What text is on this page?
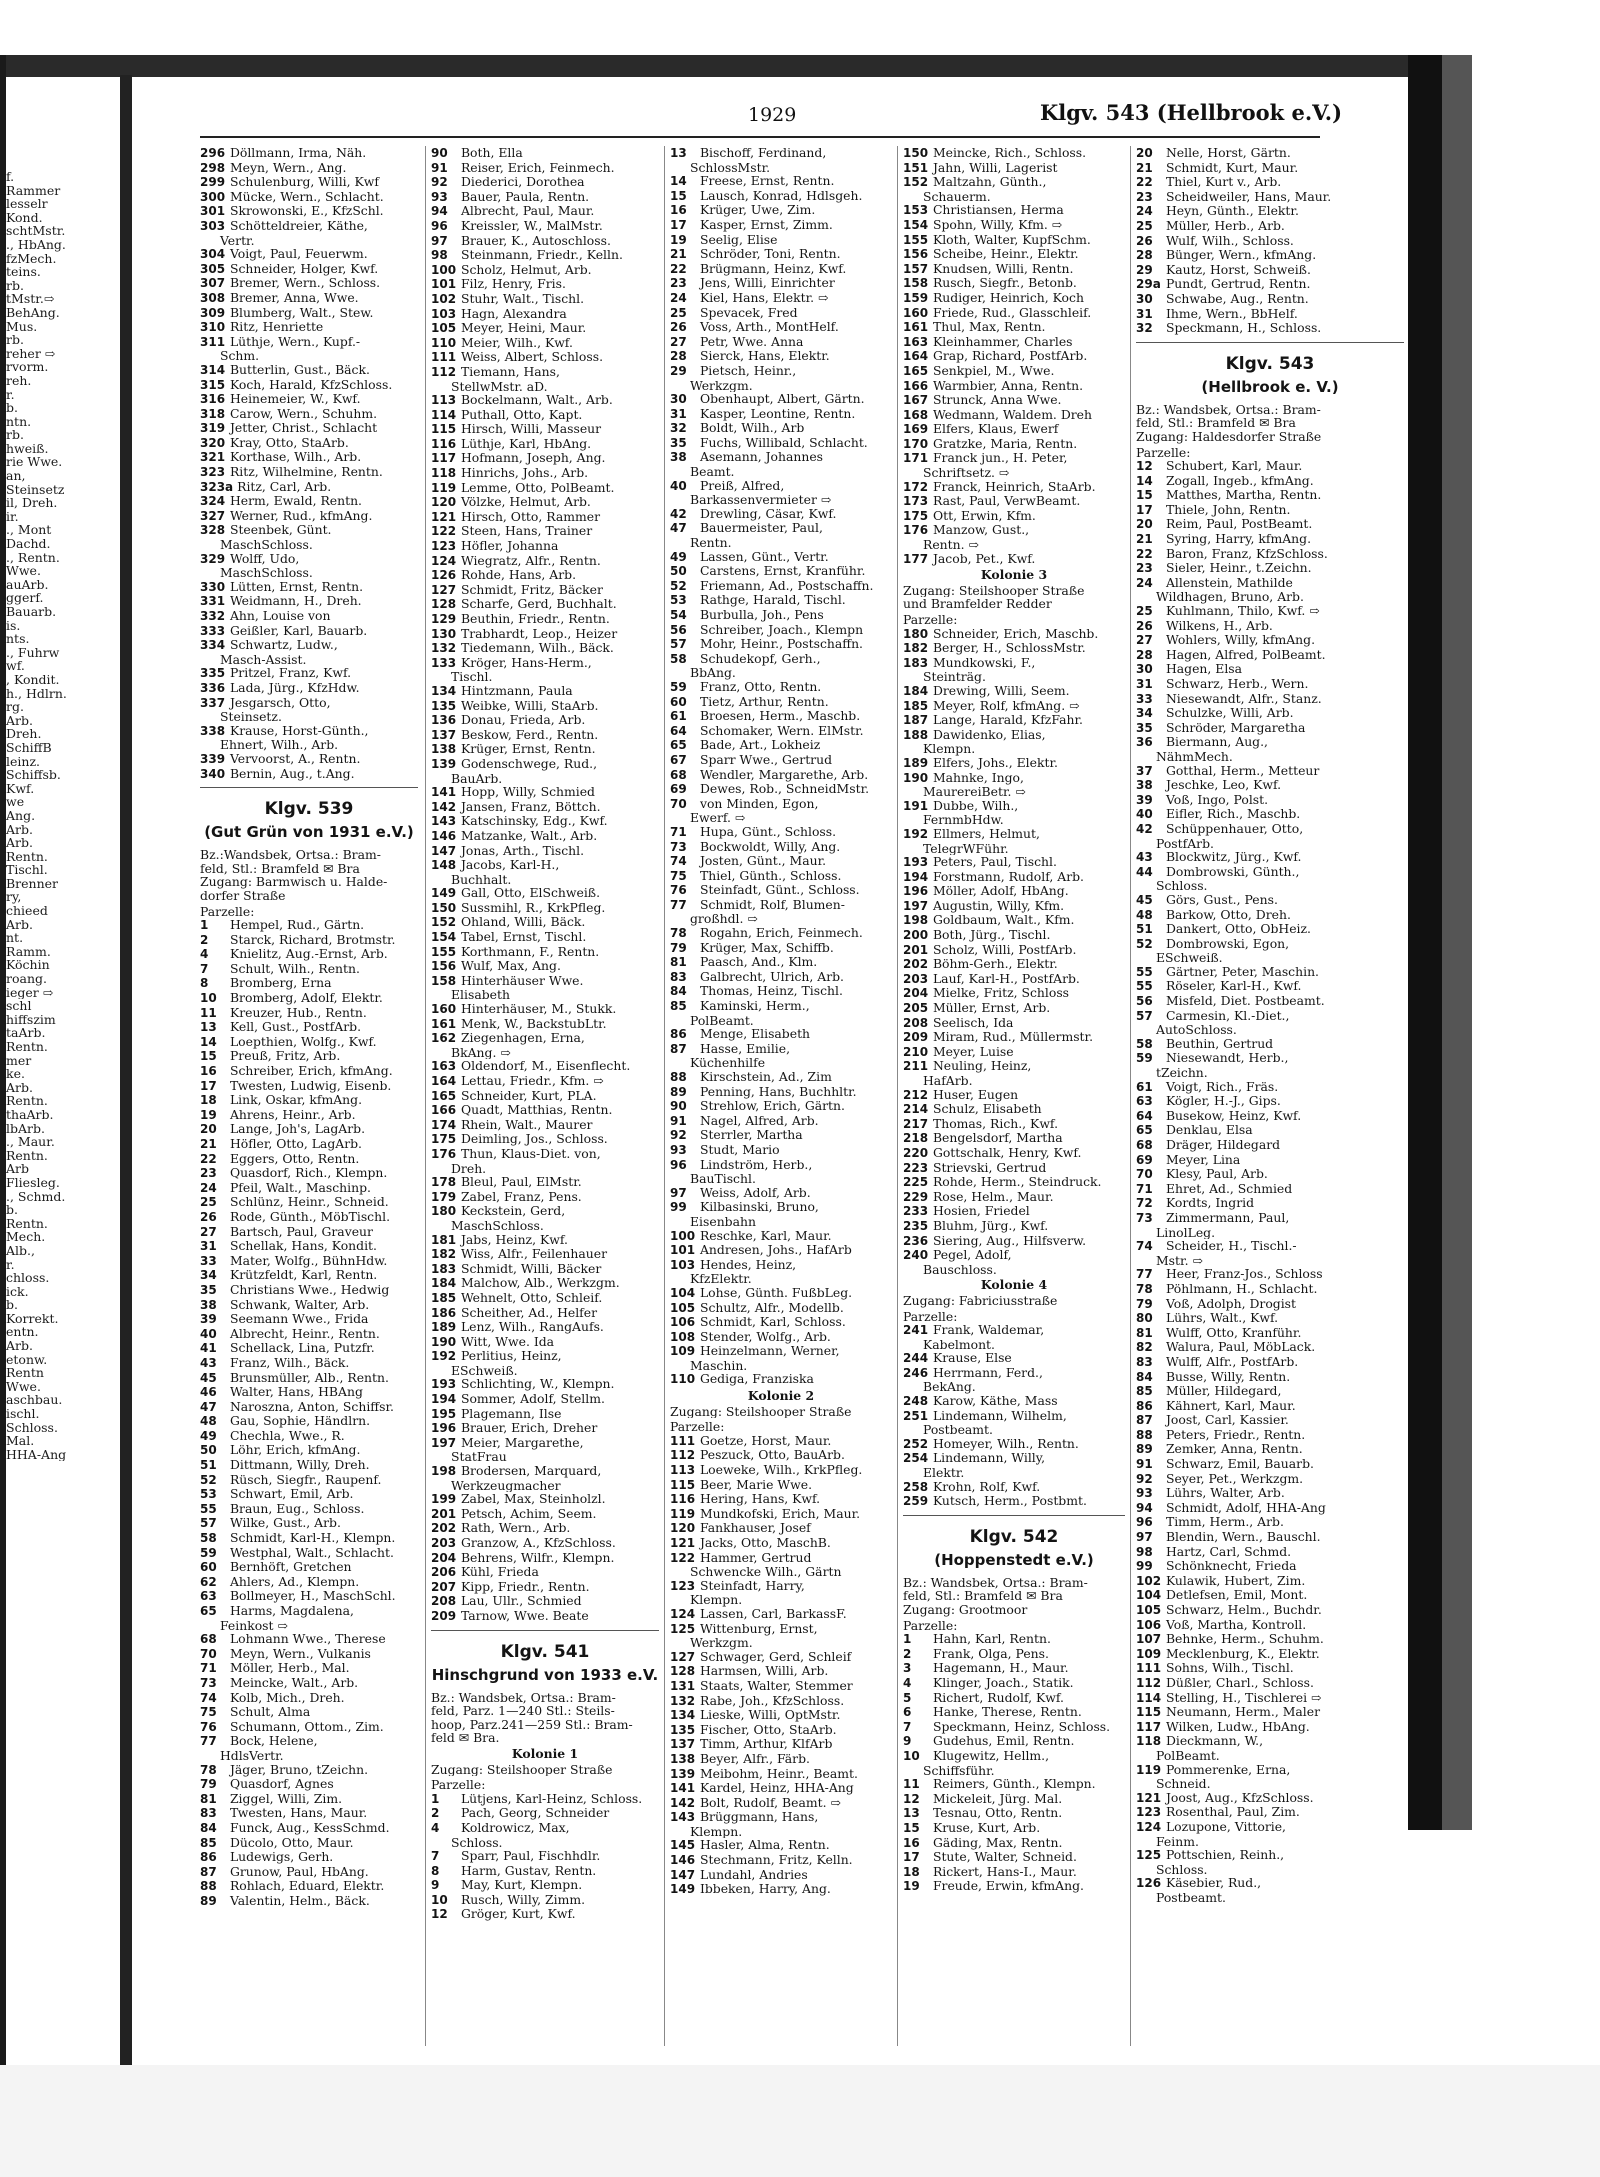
f.
Rammer
lesselr
Kond.
schtMstr.
., HbAng.
fzMech.
teins.
rb.
tMstr.⇨
BehAng.
Mus.
rb.
reher ⇨
rvorm.
reh.
r.
b.
ntn.
rb.
hweiß.
rie Wwe.
an,
Steinsetz
il, Dreh.
ir.
., Mont
Dachd.
., Rentn.
Wwe.
auArb.
ggerf.
Bauarb.
is.
nts.
., Fuhrw
wf.
, Kondit.
h., Hdlrn.
rg.
Arb.
Dreh.
SchiffB
leinz.
Schiffsb.
Kwf.
we
Ang.
Arb.
Arb.
Rentn.
Tischl.
Brenner
ry,
chieed
Arb.
nt.
Ramm.
Köchin
roang.
ieger ⇨
schl
hiffszim
taArb.
Rentn.
mer
ke.
Arb.
Rentn.
thaArb.
lbArb.
., Maur.
Rentn.
Arb
Fliesleg.
., Schmd.
b.
Rentn.
Mech.
Alb.,
r.
chloss.
ick.
b.
Korrekt.
entn.
Arb.
etonw.
Rentn
Wwe.
aschbau.
ischl.
Schloss.
Mal.
HHA-Ang
1929	Klgv. 543 (Hellbrook e.V.)
296 Döllmann, Irma, Näh.
298 Meyn, Wern., Ang.
299 Schulenburg, Willi, Kwf
300 Mücke, Wern., Schlacht.
301 Skrowonski, E., KfzSchl.
303 Schötteldreier, Käthe,
Vertr.
304 Voigt, Paul, Feuerwm.
305 Schneider, Holger, Kwf.
307 Bremer, Wern., Schloss.
308 Bremer, Anna, Wwe.
309 Blumberg, Walt., Stew.
310 Ritz, Henriette
311 Lüthje, Wern., Kupf.-
Schm.
314 Butterlin, Gust., Bäck.
315 Koch, Harald, KfzSchloss.
316 Heinemeier, W., Kwf.
318 Carow, Wern., Schuhm.
319 Jetter, Christ., Schlacht
320 Kray, Otto, StaArb.
321 Korthase, Wilh., Arb.
323 Ritz, Wilhelmine, Rentn.
323a Ritz, Carl, Arb.
324 Herm, Ewald, Rentn.
327 Werner, Rud., kfmAng.
328 Steenbek, Günt.
MaschSchloss.
329 Wolff, Udo,
MaschSchloss.
330 Lütten, Ernst, Rentn.
331 Weidmann, H., Dreh.
332 Ahn, Louise von
333 Geißler, Karl, Bauarb.
334 Schwartz, Ludw.,
Masch-Assist.
335 Pritzel, Franz, Kwf.
336 Lada, Jürg., KfzHdw.
337 Jesgarsch, Otto,
Steinsetz.
338 Krause, Horst-Günth.,
Ehnert, Wilh., Arb.
339 Vervoorst, A., Rentn.
340 Bernin, Aug., t.Ang.
Klgv. 539
(Gut Grün von 1931 e.V.)
Bz.:Wandsbek, Ortsa.: Bram-
feld, Stl.: Bramfeld ✉ Bra
Zugang: Barmwisch u. Halde-
dorfer Straße
Parzelle:
1 Hempel, Rud., Gärtn.
2 Starck, Richard, Brotmstr.
4 Knielitz, Aug.-Ernst, Arb.
7 Schult, Wilh., Rentn.
8 Bromberg, Erna
10 Bromberg, Adolf, Elektr.
11 Kreuzer, Hub., Rentn.
13 Kell, Gust., PostfArb.
14 Loepthien, Wolfg., Kwf.
15 Preuß, Fritz, Arb.
16 Schreiber, Erich, kfmAng.
17 Twesten, Ludwig, Eisenb.
18 Link, Oskar, kfmAng.
19 Ahrens, Heinr., Arb.
20 Lange, Joh's, LagArb.
21 Höfler, Otto, LagArb.
22 Eggers, Otto, Rentn.
23 Quasdorf, Rich., Klempn.
24 Pfeil, Walt., Maschinp.
25 Schlünz, Heinr., Schneid.
26 Rode, Günth., MöbTischl.
27 Bartsch, Paul, Graveur
31 Schellak, Hans, Kondit.
33 Mater, Wolfg., BühnHdw.
34 Krützfeldt, Karl, Rentn.
35 Christians Wwe., Hedwig
38 Schwank, Walter, Arb.
39 Seemann Wwe., Frida
40 Albrecht, Heinr., Rentn.
41 Schellack, Lina, Putzfr.
43 Franz, Wilh., Bäck.
45 Brunsmüller, Alb., Rentn.
46 Walter, Hans, HBAng
47 Naroszna, Anton, Schiffsr.
48 Gau, Sophie, Händlrn.
49 Chechla, Wwe., R.
50 Löhr, Erich, kfmAng.
51 Dittmann, Willy, Dreh.
52 Rüsch, Siegfr., Raupenf.
53 Schwart, Emil, Arb.
55 Braun, Eug., Schloss.
57 Wilke, Gust., Arb.
58 Schmidt, Karl-H., Klempn.
59 Westphal, Walt., Schlacht.
60 Bernhöft, Gretchen
62 Ahlers, Ad., Klempn.
63 Bollmeyer, H., MaschSchl.
65 Harms, Magdalena,
Feinkost ⇨
68 Lohmann Wwe., Therese
70 Meyn, Wern., Vulkanis
71 Möller, Herb., Mal.
73 Meincke, Walt., Arb.
74 Kolb, Mich., Dreh.
75 Schult, Alma
76 Schumann, Ottom., Zim.
77 Bock, Helene,
HdlsVertr.
78 Jäger, Bruno, tZeichn.
79 Quasdorf, Agnes
81 Ziggel, Willi, Zim.
83 Twesten, Hans, Maur.
84 Funck, Aug., KessSchmd.
85 Dücolo, Otto, Maur.
86 Ludewigs, Gerh.
87 Grunow, Paul, HbAng.
88 Rohlach, Eduard, Elektr.
89 Valentin, Helm., Bäck.
90 Both, Ella
91 Reiser, Erich, Feinmech.
92 Diederici, Dorothea
93 Bauer, Paula, Rentn.
94 Albrecht, Paul, Maur.
96 Kreissler, W., MalMstr.
97 Brauer, K., Autoschloss.
98 Steinmann, Friedr., Kelln.
100 Scholz, Helmut, Arb.
101 Filz, Henry, Fris.
102 Stuhr, Walt., Tischl.
103 Hagn, Alexandra
105 Meyer, Heini, Maur.
110 Meier, Wilh., Kwf.
111 Weiss, Albert, Schloss.
112 Tiemann, Hans,
StellwMstr. aD.
113 Bockelmann, Walt., Arb.
114 Puthall, Otto, Kapt.
115 Hirsch, Willi, Masseur
116 Lüthje, Karl, HbAng.
117 Hofmann, Joseph, Ang.
118 Hinrichs, Johs., Arb.
119 Lemme, Otto, PolBeamt.
120 Völzke, Helmut, Arb.
121 Hirsch, Otto, Rammer
122 Steen, Hans, Trainer
123 Höfler, Johanna
124 Wiegratz, Alfr., Rentn.
126 Rohde, Hans, Arb.
127 Schmidt, Fritz, Bäcker
128 Scharfe, Gerd, Buchhalt.
129 Beuthin, Friedr., Rentn.
130 Trabhardt, Leop., Heizer
132 Tiedemann, Wilh., Bäck.
133 Kröger, Hans-Herm.,
Tischl.
134 Hintzmann, Paula
135 Weibke, Willi, StaArb.
136 Donau, Frieda, Arb.
137 Beskow, Ferd., Rentn.
138 Krüger, Ernst, Rentn.
139 Godenschwege, Rud.,
BauArb.
141 Hopp, Willy, Schmied
142 Jansen, Franz, Böttch.
143 Katschinsky, Edg., Kwf.
146 Matzanke, Walt., Arb.
147 Jonas, Arth., Tischl.
148 Jacobs, Karl-H.,
Buchhalt.
149 Gall, Otto, ElSchweiß.
150 Sussmihl, R., KrkPfleg.
152 Ohland, Willi, Bäck.
154 Tabel, Ernst, Tischl.
155 Korthmann, F., Rentn.
156 Wulf, Max, Ang.
158 Hinterhäuser Wwe.
Elisabeth
160 Hinterhäuser, M., Stukk.
161 Menk, W., BackstubLtr.
162 Ziegenhagen, Erna,
BkAng. ⇨
163 Oldendorf, M., Eisenflecht.
164 Lettau, Friedr., Kfm. ⇨
165 Schneider, Kurt, PLA.
166 Quadt, Matthias, Rentn.
174 Rhein, Walt., Maurer
175 Deimling, Jos., Schloss.
176 Thun, Klaus-Diet. von,
Dreh.
178 Bleul, Paul, ElMstr.
179 Zabel, Franz, Pens.
180 Keckstein, Gerd,
MaschSchloss.
181 Jabs, Heinz, Kwf.
182 Wiss, Alfr., Feilenhauer
183 Schmidt, Willi, Bäcker
184 Malchow, Alb., Werkzgm.
185 Wehnelt, Otto, Schleif.
186 Scheither, Ad., Helfer
189 Lenz, Wilh., RangAufs.
190 Witt, Wwe. Ida
192 Perlitius, Heinz,
ESchweiß.
193 Schlichting, W., Klempn.
194 Sommer, Adolf, Stellm.
195 Plagemann, Ilse
196 Brauer, Erich, Dreher
197 Meier, Margarethe,
StatFrau
198 Brodersen, Marquard,
Werkzeugmacher
199 Zabel, Max, Steinholzl.
201 Petsch, Achim, Seem.
202 Rath, Wern., Arb.
203 Granzow, A., KfzSchloss.
204 Behrens, Wilfr., Klempn.
206 Kühl, Frieda
207 Kipp, Friedr., Rentn.
208 Lau, Ullr., Schmied
209 Tarnow, Wwe. Beate
Klgv. 541
Hinschgrund von 1933 e.V.
Bz.: Wandsbek, Ortsa.: Bram-
feld, Parz. 1—240 Stl.: Steils-
hoop, Parz.241—259 Stl.: Bram-
feld ✉ Bra.
Kolonie 1
Zugang: Steilshooper Straße
Parzelle:
1 Lütjens, Karl-Heinz, Schloss.
2 Pach, Georg, Schneider
4 Koldrowicz, Max,
Schloss.
7 Sparr, Paul, Fischhdlr.
8 Harm, Gustav, Rentn.
9 May, Kurt, Klempn.
10 Rusch, Willy, Zimm.
12 Gröger, Kurt, Kwf.
13 Bischoff, Ferdinand,
SchlossMstr.
14 Freese, Ernst, Rentn.
15 Lausch, Konrad, Hdlsgeh.
16 Krüger, Uwe, Zim.
17 Kasper, Ernst, Zimm.
19 Seelig, Elise
21 Schröder, Toni, Rentn.
22 Brügmann, Heinz, Kwf.
23 Jens, Willi, Einrichter
24 Kiel, Hans, Elektr. ⇨
25 Spevacek, Fred
26 Voss, Arth., MontHelf.
27 Petr, Wwe. Anna
28 Sierck, Hans, Elektr.
29 Pietsch, Heinr.,
Werkzgm.
30 Obenhaupt, Albert, Gärtn.
31 Kasper, Leontine, Rentn.
32 Boldt, Wilh., Arb
35 Fuchs, Willibald, Schlacht.
38 Asemann, Johannes
Beamt.
40 Preiß, Alfred,
Barkassenvermieter ⇨
42 Drewling, Cäsar, Kwf.
47 Bauermeister, Paul,
Rentn.
49 Lassen, Günt., Vertr.
50 Carstens, Ernst, Kranführ.
52 Friemann, Ad., Postschaffn.
53 Rathge, Harald, Tischl.
54 Burbulla, Joh., Pens
56 Schreiber, Joach., Klempn
57 Mohr, Heinr., Postschaffn.
58 Schudekopf, Gerh.,
BbAng.
59 Franz, Otto, Rentn.
60 Tietz, Arthur, Rentn.
61 Broesen, Herm., Maschb.
64 Schomaker, Wern. ElMstr.
65 Bade, Art., Lokheiz
67 Sparr Wwe., Gertrud
68 Wendler, Margarethe, Arb.
69 Dewes, Rob., SchneidMstr.
70 von Minden, Egon,
Ewerf. ⇨
71 Hupa, Günt., Schloss.
73 Bockwoldt, Willy, Ang.
74 Josten, Günt., Maur.
75 Thiel, Günth., Schloss.
76 Steinfadt, Günt., Schloss.
77 Schmidt, Rolf, Blumen-
großhdl. ⇨
78 Rogahn, Erich, Feinmech.
79 Krüger, Max, Schiffb.
81 Paasch, And., Klm.
83 Galbrecht, Ulrich, Arb.
84 Thomas, Heinz, Tischl.
85 Kaminski, Herm.,
PolBeamt.
86 Menge, Elisabeth
87 Hasse, Emilie,
Küchenhilfe
88 Kirschstein, Ad., Zim
89 Penning, Hans, Buchhltr.
90 Strehlow, Erich, Gärtn.
91 Nagel, Alfred, Arb.
92 Sterrler, Martha
93 Studt, Mario
96 Lindström, Herb.,
BauTischl.
97 Weiss, Adolf, Arb.
99 Kilbasinski, Bruno,
Eisenbahn
100 Reschke, Karl, Maur.
101 Andresen, Johs., HafArb
103 Hendes, Heinz,
KfzElektr.
104 Lohse, Günth. FußbLeg.
105 Schultz, Alfr., Modellb.
106 Schmidt, Karl, Schloss.
108 Stender, Wolfg., Arb.
109 Heinzelmann, Werner,
Maschin.
110 Gediga, Franziska
Kolonie 2
Zugang: Steilshooper Straße
Parzelle:
111 Goetze, Horst, Maur.
112 Peszuck, Otto, BauArb.
113 Loeweke, Wilh., KrkPfleg.
115 Beer, Marie Wwe.
116 Hering, Hans, Kwf.
119 Mundkofski, Erich, Maur.
120 Fankhauser, Josef
121 Jacks, Otto, MaschB.
122 Hammer, Gertrud
Schwencke Wilh., Gärtn
123 Steinfadt, Harry,
Klempn.
124 Lassen, Carl, BarkassF.
125 Wittenburg, Ernst,
Werkzgm.
127 Schwager, Gerd, Schleif
128 Harmsen, Willi, Arb.
131 Staats, Walter, Stemmer
132 Rabe, Joh., KfzSchloss.
134 Lieske, Willi, OptMstr.
135 Fischer, Otto, StaArb.
137 Timm, Arthur, KlfArb
138 Beyer, Alfr., Färb.
139 Meibohm, Heinr., Beamt.
141 Kardel, Heinz, HHA-Ang
142 Bolt, Rudolf, Beamt. ⇨
143 Brüggmann, Hans,
Klempn.
145 Hasler, Alma, Rentn.
146 Stechmann, Fritz, Kelln.
147 Lundahl, Andries
149 Ibbeken, Harry, Ang.
150 Meincke, Rich., Schloss.
151 Jahn, Willi, Lagerist
152 Maltzahn, Günth.,
Schauerm.
153 Christiansen, Herma
154 Spohn, Willy, Kfm. ⇨
155 Kloth, Walter, KupfSchm.
156 Scheibe, Heinr., Elektr.
157 Knudsen, Willi, Rentn.
158 Rusch, Siegfr., Betonb.
159 Rudiger, Heinrich, Koch
160 Friede, Rud., Glasschleif.
161 Thul, Max, Rentn.
163 Kleinhammer, Charles
164 Grap, Richard, PostfArb.
165 Senkpiel, M., Wwe.
166 Warmbier, Anna, Rentn.
167 Strunck, Anna Wwe.
168 Wedmann, Waldem. Dreh
169 Elfers, Klaus, Ewerf
170 Gratzke, Maria, Rentn.
171 Franck jun., H. Peter,
Schriftsetz. ⇨
172 Franck, Heinrich, StaArb.
173 Rast, Paul, VerwBeamt.
175 Ott, Erwin, Kfm.
176 Manzow, Gust.,
Rentn. ⇨
177 Jacob, Pet., Kwf.
Kolonie 3
Zugang: Steilshooper Straße
und Bramfelder Redder
Parzelle:
180 Schneider, Erich, Maschb.
182 Berger, H., SchlossMstr.
183 Mundkowski, F.,
Steinträg.
184 Drewing, Willi, Seem.
185 Meyer, Rolf, kfmAng. ⇨
187 Lange, Harald, KfzFahr.
188 Dawidenko, Elias,
Klempn.
189 Elfers, Johs., Elektr.
190 Mahnke, Ingo,
MaurereiBetr. ⇨
191 Dubbe, Wilh.,
FernmbHdw.
192 Ellmers, Helmut,
TelegrWFühr.
193 Peters, Paul, Tischl.
194 Forstmann, Rudolf, Arb.
196 Möller, Adolf, HbAng.
197 Augustin, Willy, Kfm.
198 Goldbaum, Walt., Kfm.
200 Both, Jürg., Tischl.
201 Scholz, Willi, PostfArb.
202 Böhm-Gerh., Elektr.
203 Lauf, Karl-H., PostfArb.
204 Mielke, Fritz, Schloss
205 Müller, Ernst, Arb.
208 Seelisch, Ida
209 Miram, Rud., Müllermstr.
210 Meyer, Luise
211 Neuling, Heinz,
HafArb.
212 Huser, Eugen
214 Schulz, Elisabeth
217 Thomas, Rich., Kwf.
218 Bengelsdorf, Martha
220 Gottschalk, Henry, Kwf.
223 Strievski, Gertrud
225 Rohde, Herm., Steindruck.
229 Rose, Helm., Maur.
233 Hosien, Friedel
235 Bluhm, Jürg., Kwf.
236 Siering, Aug., Hilfsverw.
240 Pegel, Adolf,
Bauschloss.
Kolonie 4
Zugang: Fabriciusstraße
Parzelle:
241 Frank, Waldemar,
Kabelmont.
244 Krause, Else
246 Herrmann, Ferd.,
BekAng.
248 Karow, Käthe, Mass
251 Lindemann, Wilhelm,
Postbeamt.
252 Homeyer, Wilh., Rentn.
254 Lindemann, Willy,
Elektr.
258 Krohn, Rolf, Kwf.
259 Kutsch, Herm., Postbmt.
Klgv. 542
(Hoppenstedt e.V.)
Bz.: Wandsbek, Ortsa.: Bram-
feld, Stl.: Bramfeld ✉ Bra
Zugang: Grootmoor
Parzelle:
1 Hahn, Karl, Rentn.
2 Frank, Olga, Pens.
3 Hagemann, H., Maur.
4 Klinger, Joach., Statik.
5 Richert, Rudolf, Kwf.
6 Hanke, Therese, Rentn.
7 Speckmann, Heinz, Schloss.
9 Gudehus, Emil, Rentn.
10 Klugewitz, Hellm.,
Schiffsführ.
11 Reimers, Günth., Klempn.
12 Mickeleit, Jürg. Mal.
13 Tesnau, Otto, Rentn.
15 Kruse, Kurt, Arb.
16 Gäding, Max, Rentn.
17 Stute, Walter, Schneid.
18 Rickert, Hans-I., Maur.
19 Freude, Erwin, kfmAng.
20 Nelle, Horst, Gärtn.
21 Schmidt, Kurt, Maur.
22 Thiel, Kurt v., Arb.
23 Scheidweiler, Hans, Maur.
24 Heyn, Günth., Elektr.
25 Müller, Herb., Arb.
26 Wulf, Wilh., Schloss.
28 Bünger, Wern., kfmAng.
29 Kautz, Horst, Schweiß.
29a Pundt, Gertrud, Rentn.
30 Schwabe, Aug., Rentn.
31 Ihme, Wern., BbHelf.
32 Speckmann, H., Schloss.
Klgv. 543
(Hellbrook e. V.)
Bz.: Wandsbek, Ortsa.: Bram-
feld, Stl.: Bramfeld ✉ Bra
Zugang: Haldesdorfer Straße
Parzelle:
12 Schubert, Karl, Maur.
14 Zogall, Ingeb., kfmAng.
15 Matthes, Martha, Rentn.
17 Thiele, John, Rentn.
20 Reim, Paul, PostBeamt.
21 Syring, Harry, kfmAng.
22 Baron, Franz, KfzSchloss.
23 Sieler, Heinr., t.Zeichn.
24 Allenstein, Mathilde
Wildhagen, Bruno, Arb.
25 Kuhlmann, Thilo, Kwf. ⇨
26 Wilkens, H., Arb.
27 Wohlers, Willy, kfmAng.
28 Hagen, Alfred, PolBeamt.
30 Hagen, Elsa
31 Schwarz, Herb., Wern.
33 Niesewandt, Alfr., Stanz.
34 Schulzke, Willi, Arb.
35 Schröder, Margaretha
36 Biermann, Aug.,
NähmMech.
37 Gotthal, Herm., Metteur
38 Jeschke, Leo, Kwf.
39 Voß, Ingo, Polst.
40 Eifler, Rich., Maschb.
42 Schüppenhauer, Otto,
PostfArb.
43 Blockwitz, Jürg., Kwf.
44 Dombrowski, Günth.,
Schloss.
45 Görs, Gust., Pens.
48 Barkow, Otto, Dreh.
51 Dankert, Otto, ObHeiz.
52 Dombrowski, Egon,
ESchweiß.
55 Gärtner, Peter, Maschin.
55 Röseler, Karl-H., Kwf.
56 Misfeld, Diet. Postbeamt.
57 Carmesin, Kl.-Diet.,
AutoSchloss.
58 Beuthin, Gertrud
59 Niesewandt, Herb.,
tZeichn.
61 Voigt, Rich., Fräs.
63 Kögler, H.-J., Gips.
64 Busekow, Heinz, Kwf.
65 Denklau, Elsa
68 Dräger, Hildegard
69 Meyer, Lina
70 Klesy, Paul, Arb.
71 Ehret, Ad., Schmied
72 Kordts, Ingrid
73 Zimmermann, Paul,
LinolLeg.
74 Scheider, H., Tischl.-
Mstr. ⇨
77 Heer, Franz-Jos., Schloss
78 Pöhlmann, H., Schlacht.
79 Voß, Adolph, Drogist
80 Lührs, Walt., Kwf.
81 Wulff, Otto, Kranführ.
82 Walura, Paul, MöbLack.
83 Wulff, Alfr., PostfArb.
84 Busse, Willy, Rentn.
85 Müller, Hildegard,
86 Kähnert, Karl, Maur.
87 Joost, Carl, Kassier.
88 Peters, Friedr., Rentn.
89 Zemker, Anna, Rentn.
91 Schwarz, Emil, Bauarb.
92 Seyer, Pet., Werkzgm.
93 Lührs, Walter, Arb.
94 Schmidt, Adolf, HHA-Ang
96 Timm, Herm., Arb.
97 Blendin, Wern., Bauschl.
98 Hartz, Carl, Schmd.
99 Schönknecht, Frieda
102 Kulawik, Hubert, Zim.
104 Detlefsen, Emil, Mont.
105 Schwarz, Helm., Buchdr.
106 Voß, Martha, Kontroll.
107 Behnke, Herm., Schuhm.
109 Mecklenburg, K., Elektr.
111 Sohns, Wilh., Tischl.
112 Düßler, Charl., Schloss.
114 Stelling, H., Tischlerei ⇨
115 Neumann, Herm., Maler
117 Wilken, Ludw., HbAng.
118 Dieckmann, W.,
PolBeamt.
119 Pommerenke, Erna,
Schneid.
121 Joost, Aug., KfzSchloss.
123 Rosenthal, Paul, Zim.
124 Lozupone, Vittorie,
Feinm.
125 Pottschien, Reinh.,
Schloss.
126 Käsebier, Rud.,
Postbeamt.
